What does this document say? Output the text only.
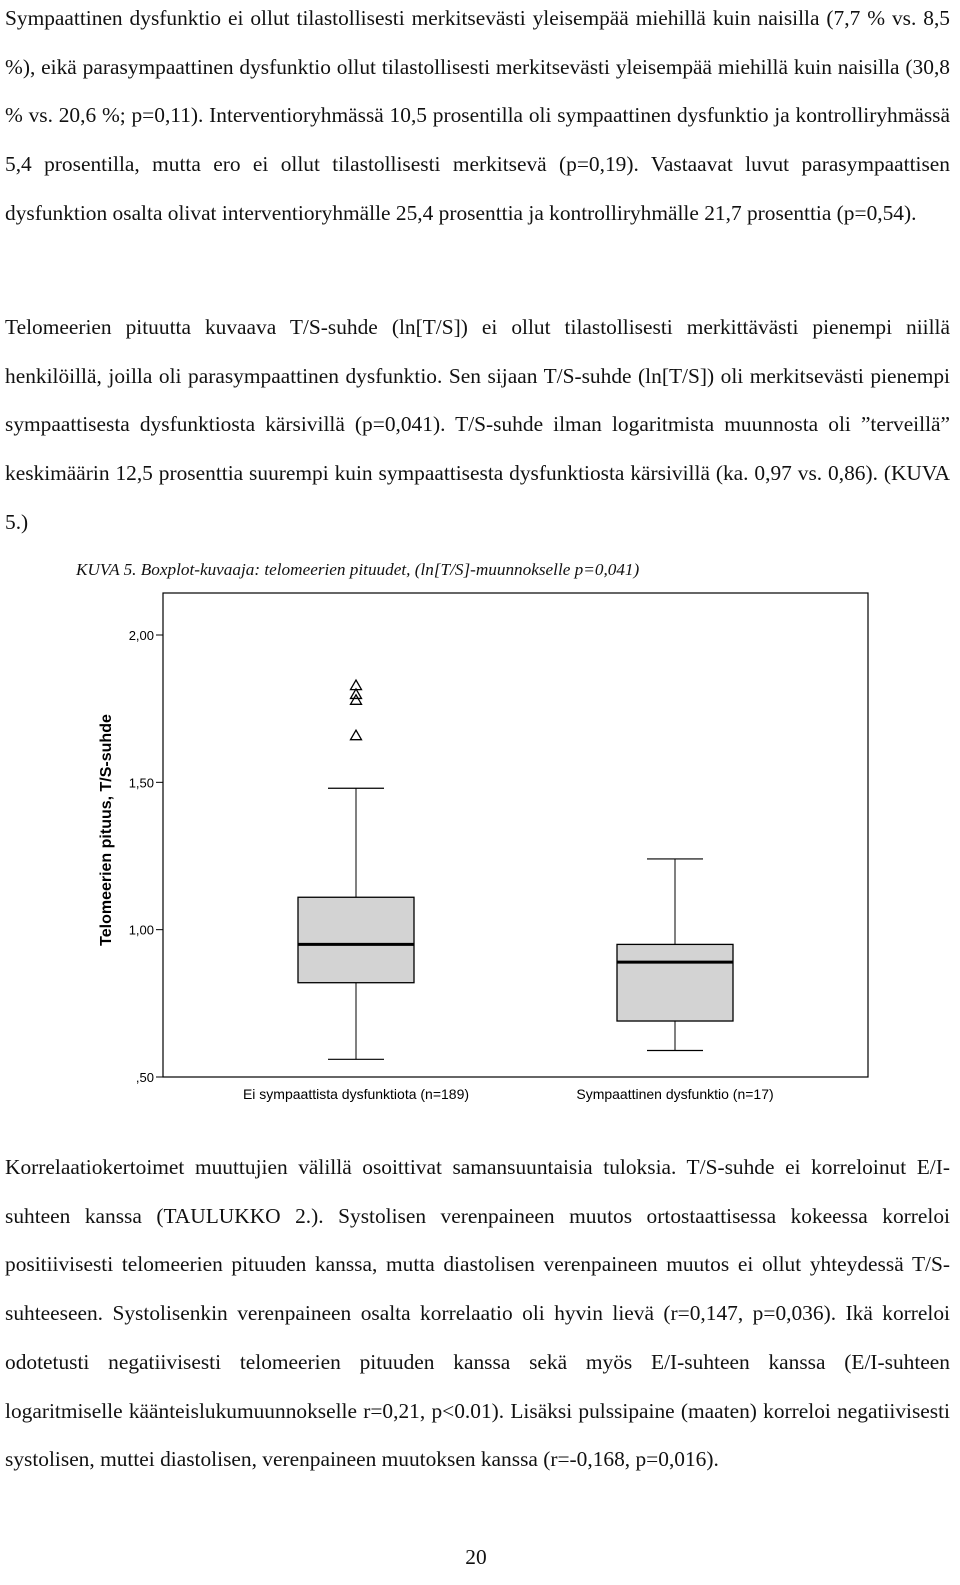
Sympaattinen dysfunktio ei ollut tilastollisesti merkitsevästi yleisempää miehillä kuin naisilla (7,7 % vs. 8,5 %), eikä parasympaattinen dysfunktio ollut tilastollisesti merkitsevästi yleisempää miehillä kuin naisilla (30,8 % vs. 20,6 %; p=0,11). Interventioryhmässä 10,5 prosentilla oli sympaattinen dysfunktio ja kontrolliryhmässä 5,4 prosentilla, mutta ero ei ollut tilastollisesti merkitsevä (p=0,19). Vastaavat luvut parasympaattisen dysfunktion osalta olivat interventioryhmälle 25,4 prosenttia ja kontrolliryhmälle 21,7 prosenttia (p=0,54).

Telomeerien pituutta kuvaava T/S-suhde (ln[T/S]) ei ollut tilastollisesti merkittävästi pienempi niillä henkilöillä, joilla oli parasympaattinen dysfunktio. Sen sijaan T/S-suhde (ln[T/S]) oli merkitsevästi pienempi sympaattisesta dysfunktiosta kärsivillä (p=0,041). T/S-suhde ilman logaritmista muunnosta oli ”terveillä” keskimäärin 12,5 prosenttia suurempi kuin sympaattisesta dysfunktiosta kärsivillä (ka. 0,97 vs. 0,86). (KUVA 5.)

KUVA 5. Boxplot-kuvaaja: telomeerien pituudet, (ln[T/S]-muunnokselle p=0,041)

,50
1,00
1,50
2,00
Telomeerien pituus, T/S-suhde
Ei sympaattista dysfunktiota (n=189)	Sympaattinen dysfunktio (n=17)

Korrelaatiokertoimet muuttujien välillä osoittivat samansuuntaisia tuloksia. T/S-suhde ei korreloinut E/I-suhteen kanssa (TAULUKKO 2.). Systolisen verenpaineen muutos ortostaattisessa kokeessa korreloi positiivisesti telomeerien pituuden kanssa, mutta diastolisen verenpaineen muutos ei ollut yhteydessä T/S-suhteeseen. Systolisenkin verenpaineen osalta korrelaatio oli hyvin lievä (r=0,147, p=0,036). Ikä korreloi odotetusti negatiivisesti telomeerien pituuden kanssa sekä myös E/I-suhteen kanssa (E/I-suhteen logaritmiselle käänteislukumuunnokselle r=0,21, p<0.01). Lisäksi pulssipaine (maaten) korreloi negatiivisesti systolisen, muttei diastolisen, verenpaineen muutoksen kanssa (r=-0,168, p=0,016).

20
